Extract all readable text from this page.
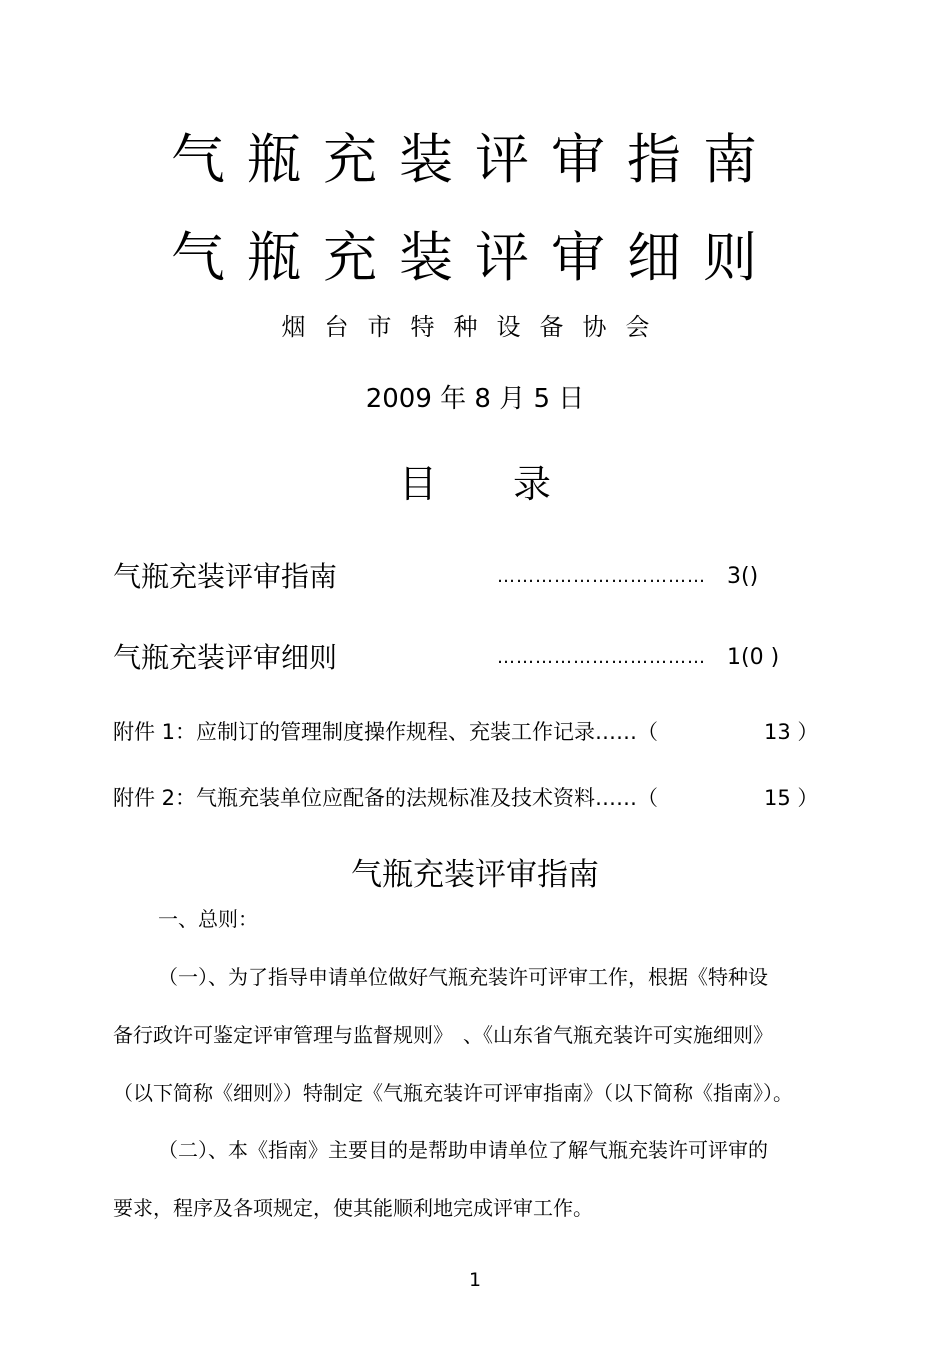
气瓶充装评审指南
气瓶充装评审细则
烟台市特种设备协会
2009 年 8 月 5 日
目　　录
气瓶充装评审指南	…………………………… 3()
气瓶充装评审细则	…………………………… 1(0 )
附件 1：应制订的管理制度操作规程、充装工作记录……（	13 ）
附件 2：气瓶充装单位应配备的法规标准及技术资料……（	15 ）
气瓶充装评审指南
一、总则：
（一）、为了指导申请单位做好气瓶充装许可评审工作，根据《特种设
备行政许可鉴定评审管理与监督规则》　、《山东省气瓶充装许可实施细则》
（以下简称《细则》）特制定《气瓶充装许可评审指南》（以下简称《指南》）。
（二）、本《指南》主要目的是帮助申请单位了解气瓶充装许可评审的
要求，程序及各项规定，使其能顺利地完成评审工作。
1
